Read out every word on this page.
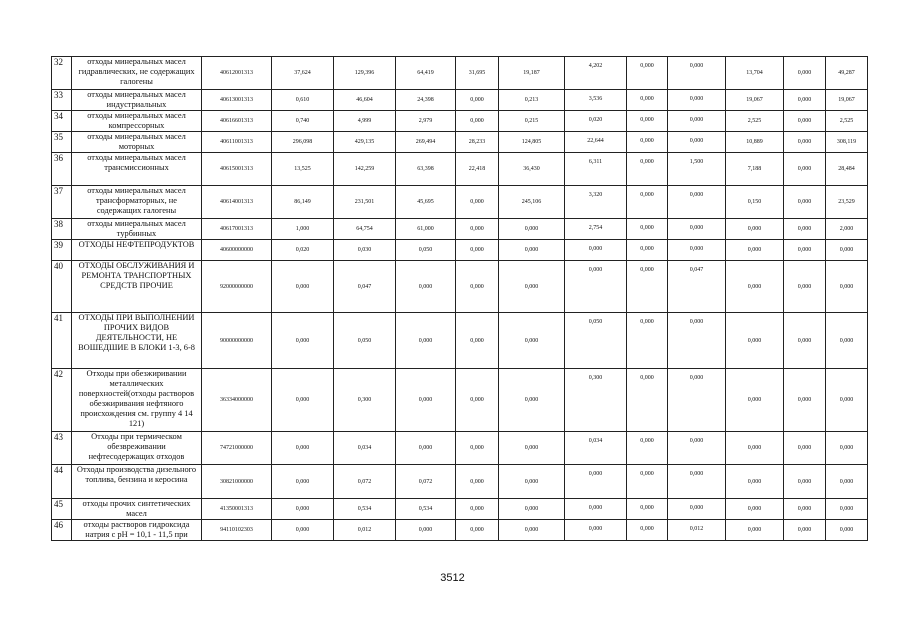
32	отходы минеральных масел гидравлических, не содержащих галогены	40612001313	37,624	129,396	64,419	31,695	19,187	4,202	0,000	0,000	13,704	0,000	49,287
33	отходы минеральных масел индустриальных	40613001313	0,610	46,604	24,398	0,000	0,213	3,536	0,000	0,000	19,067	0,000	19,067
34	отходы минеральных масел компрессорных	40616601313	0,740	4,999	2,979	0,000	0,215	0,020	0,000	0,000	2,525	0,000	2,525
35	отходы минеральных масел моторных	40611001313	296,098	429,135	269,494	28,233	124,805	22,644	0,000	0,000	10,889	0,000	308,119
36	отходы минеральных масел трансмиссионных	40615001313	13,525	142,259	63,398	22,418	36,430	6,311	0,000	1,500	7,188	0,000	28,484
37	отходы минеральных масел трансформаторных, не содержащих галогены	40614001313	86,149	231,501	45,695	0,000	245,106	3,320	0,000	0,000	0,150	0,000	23,529
38	отходы минеральных масел турбинных	40617001313	1,000	64,754	61,000	0,000	0,000	2,754	0,000	0,000	0,000	0,000	2,000
39	ОТХОДЫ НЕФТЕПРОДУКТОВ	40600000000	0,020	0,030	0,050	0,000	0,000	0,000	0,000	0,000	0,000	0,000	0,000
40	ОТХОДЫ ОБСЛУЖИВАНИЯ И РЕМОНТА ТРАНСПОРТНЫХ СРЕДСТВ ПРОЧИЕ	92000000000	0,000	0,047	0,000	0,000	0,000	0,000	0,000	0,047	0,000	0,000	0,000
41	ОТХОДЫ ПРИ ВЫПОЛНЕНИИ ПРОЧИХ ВИДОВ ДЕЯТЕЛЬНОСТИ, НЕ ВОШЕДШИЕ В БЛОКИ 1-3, 6-8	90000000000	0,000	0,050	0,000	0,000	0,000	0,050	0,000	0,000	0,000	0,000	0,000
42	Отходы при обезжиривании металлических поверхностей(отходы растворов обезжиривания нефтяного происхождения см. группу 4 14 121)	36334000000	0,000	0,300	0,000	0,000	0,000	0,300	0,000	0,000	0,000	0,000	0,000
43	Отходы при термическом обезвреживании нефтесодержащих отходов	74721000000	0,000	0,034	0,000	0,000	0,000	0,034	0,000	0,000	0,000	0,000	0,000
44	Отходы производства дизельного топлива, бензина и керосина	30821000000	0,000	0,072	0,072	0,000	0,000	0,000	0,000	0,000	0,000	0,000	0,000
45	отходы прочих синтетических масел	41350001313	0,000	0,534	0,534	0,000	0,000	0,000	0,000	0,000	0,000	0,000	0,000
46	отходы растворов гидроксида натрия с pH = 10,1 - 11,5 при	94110102303	0,000	0,012	0,000	0,000	0,000	0,000	0,000	0,012	0,000	0,000	0,000
3512
